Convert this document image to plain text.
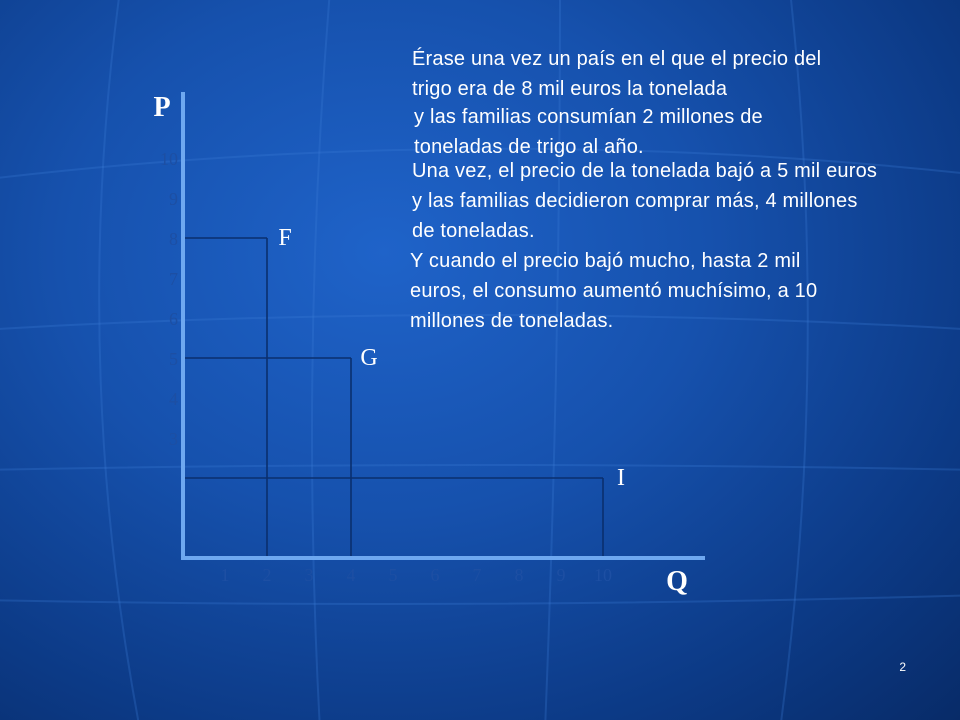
10
9
8
7
6
5
4
3
1 2 3 4 5 6 7 8 9 10
F
G
I
P
Q

Érase una vez un país en el que el precio del trigo era de 8 mil euros la tonelada

y las familias consumían 2 millones de toneladas de trigo al año.

Una vez, el precio de la tonelada bajó a 5 mil euros y las familias decidieron comprar más, 4 millones de toneladas.

Y cuando el precio bajó mucho, hasta 2 mil euros, el consumo aumentó muchísimo, a 10 millones de toneladas.

2
